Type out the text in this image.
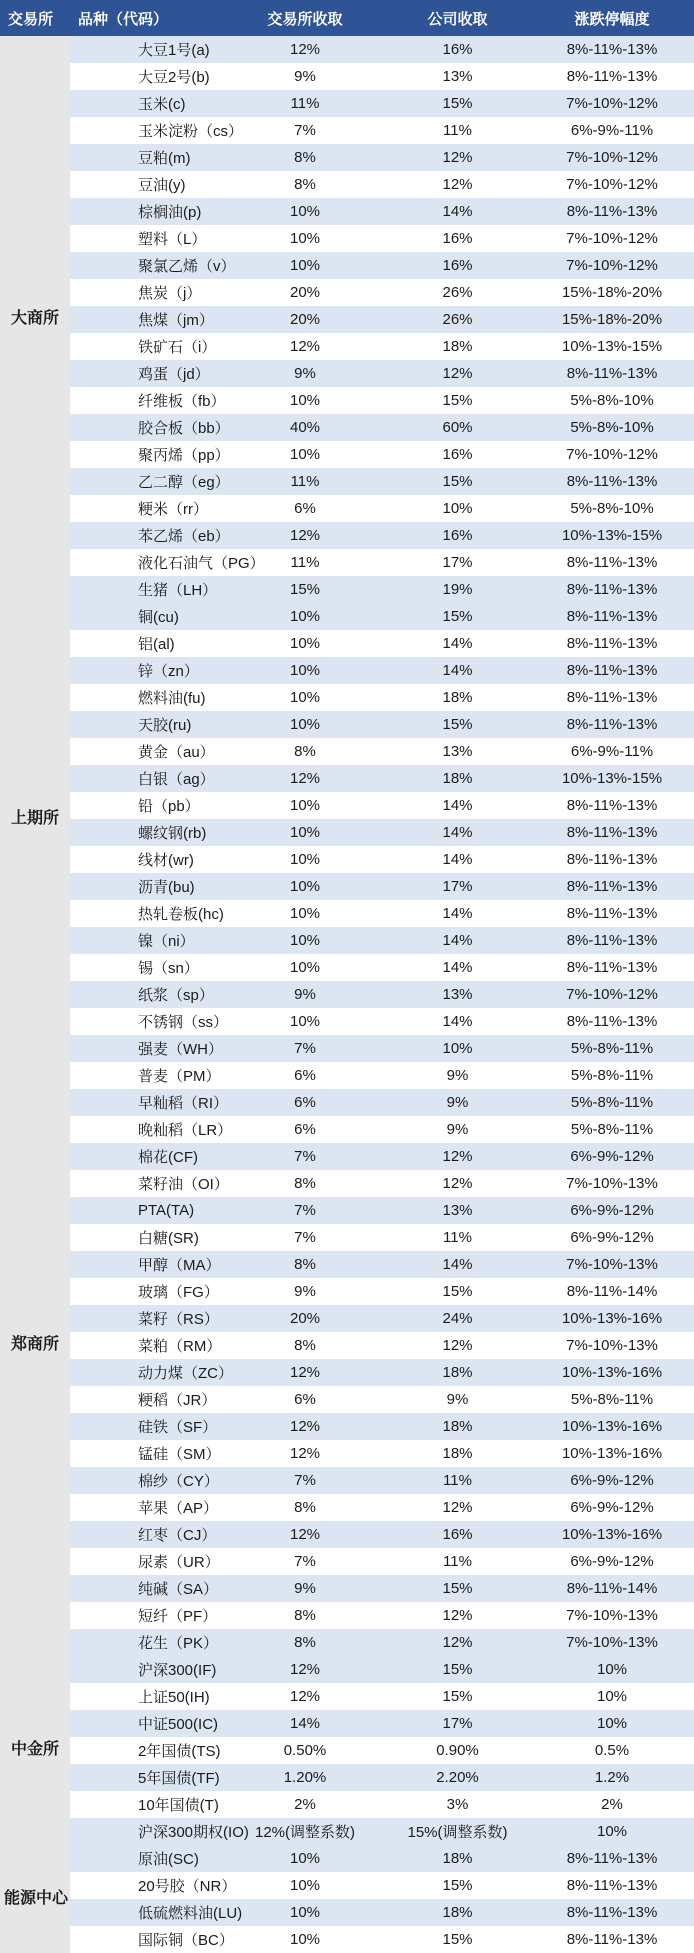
交易所	品种（代码）	交易所收取	公司收取	涨跌停幅度
大商所	大豆1号(a)	12%	16%	8%-11%-13%
	大豆2号(b)	9%	13%	8%-11%-13%
	玉米(c)	11%	15%	7%-10%-12%
	玉米淀粉（cs）	7%	11%	6%-9%-11%
	豆粕(m)	8%	12%	7%-10%-12%
	豆油(y)	8%	12%	7%-10%-12%
	棕榈油(p)	10%	14%	8%-11%-13%
	塑料（L）	10%	16%	7%-10%-12%
	聚氯乙烯（v）	10%	16%	7%-10%-12%
	焦炭（j）	20%	26%	15%-18%-20%
	焦煤（jm）	20%	26%	15%-18%-20%
	铁矿石（i）	12%	18%	10%-13%-15%
	鸡蛋（jd）	9%	12%	8%-11%-13%
	纤维板（fb）	10%	15%	5%-8%-10%
	胶合板（bb）	40%	60%	5%-8%-10%
	聚丙烯（pp）	10%	16%	7%-10%-12%
	乙二醇（eg）	11%	15%	8%-11%-13%
	粳米（rr）	6%	10%	5%-8%-10%
	苯乙烯（eb）	12%	16%	10%-13%-15%
	液化石油气（PG）	11%	17%	8%-11%-13%
	生猪（LH）	15%	19%	8%-11%-13%
上期所	铜(cu)	10%	15%	8%-11%-13%
	铝(al)	10%	14%	8%-11%-13%
	锌（zn）	10%	14%	8%-11%-13%
	燃料油(fu)	10%	18%	8%-11%-13%
	天胶(ru)	10%	15%	8%-11%-13%
	黄金（au）	8%	13%	6%-9%-11%
	白银（ag）	12%	18%	10%-13%-15%
	铅（pb）	10%	14%	8%-11%-13%
	螺纹钢(rb)	10%	14%	8%-11%-13%
	线材(wr)	10%	14%	8%-11%-13%
	沥青(bu)	10%	17%	8%-11%-13%
	热轧卷板(hc)	10%	14%	8%-11%-13%
	镍（ni）	10%	14%	8%-11%-13%
	锡（sn）	10%	14%	8%-11%-13%
	纸浆（sp）	9%	13%	7%-10%-12%
	不锈钢（ss）	10%	14%	8%-11%-13%
郑商所	强麦（WH）	7%	10%	5%-8%-11%
	普麦（PM）	6%	9%	5%-8%-11%
	早籼稻（RI）	6%	9%	5%-8%-11%
	晚籼稻（LR）	6%	9%	5%-8%-11%
	棉花(CF)	7%	12%	6%-9%-12%
	菜籽油（OI）	8%	12%	7%-10%-13%
	PTA(TA)	7%	13%	6%-9%-12%
	白糖(SR)	7%	11%	6%-9%-12%
	甲醇（MA）	8%	14%	7%-10%-13%
	玻璃（FG）	9%	15%	8%-11%-14%
	菜籽（RS）	20%	24%	10%-13%-16%
	菜粕（RM）	8%	12%	7%-10%-13%
	动力煤（ZC）	12%	18%	10%-13%-16%
	粳稻（JR）	6%	9%	5%-8%-11%
	硅铁（SF）	12%	18%	10%-13%-16%
	锰硅（SM）	12%	18%	10%-13%-16%
	棉纱（CY）	7%	11%	6%-9%-12%
	苹果（AP）	8%	12%	6%-9%-12%
	红枣（CJ）	12%	16%	10%-13%-16%
	尿素（UR）	7%	11%	6%-9%-12%
	纯碱（SA）	9%	15%	8%-11%-14%
	短纤（PF）	8%	12%	7%-10%-13%
	花生（PK）	8%	12%	7%-10%-13%
中金所	沪深300(IF)	12%	15%	10%
	上证50(IH)	12%	15%	10%
	中证500(IC)	14%	17%	10%
	2年国债(TS)	0.50%	0.90%	0.5%
	5年国债(TF)	1.20%	2.20%	1.2%
	10年国债(T)	2%	3%	2%
	沪深300期权(IO)	12%(调整系数)	15%(调整系数)	10%
能源中心	原油(SC)	10%	18%	8%-11%-13%
	20号胶（NR）	10%	15%	8%-11%-13%
	低硫燃料油(LU)	10%	18%	8%-11%-13%
	国际铜（BC）	10%	15%	8%-11%-13%
